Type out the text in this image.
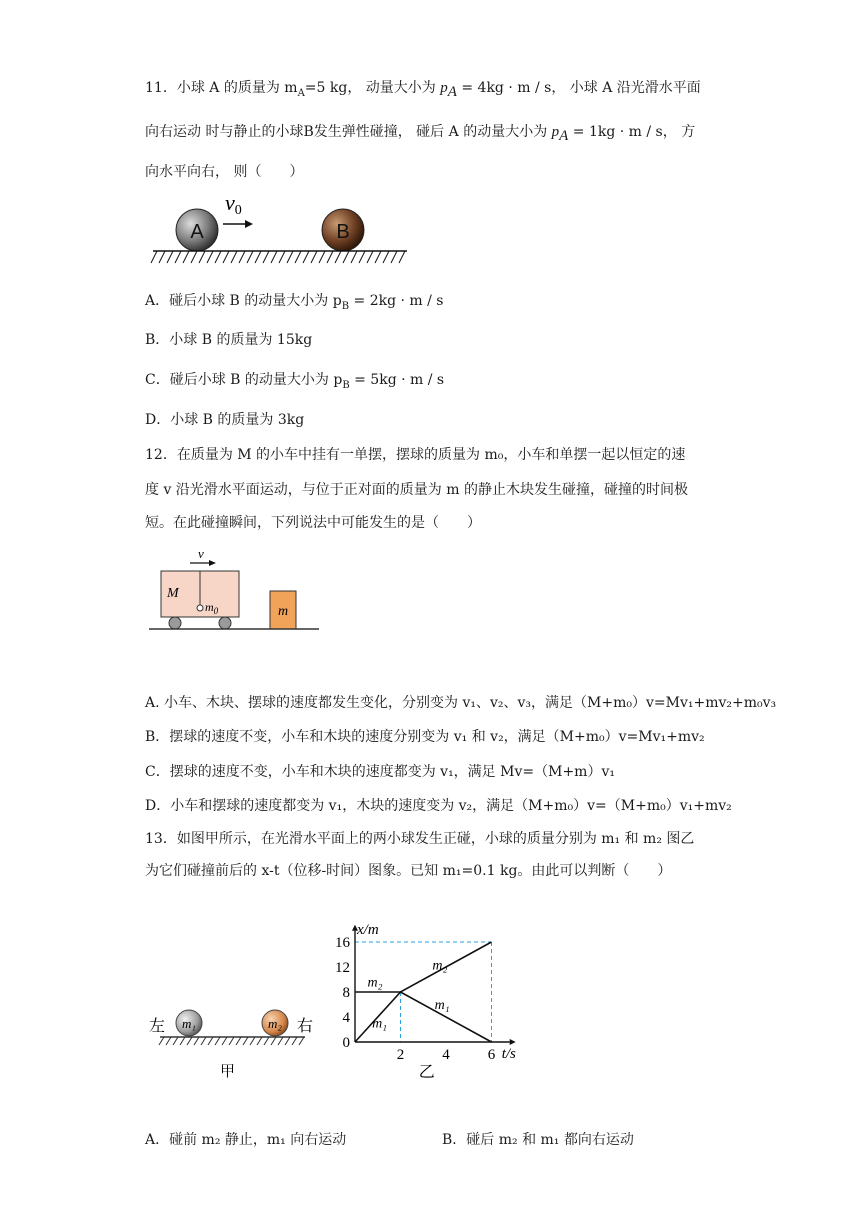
11．小球 A 的质量为 $m_A=5$ kg， 动量大小为 $p_A = 4kg \cdot m / s$， 小球 A 沿光滑水平面
向右运动 时与静止的小球B发生弹性碰撞， 碰后 A 的动量大小为 $p_A = 1kg \cdot m / s$， 方
向水平向右， 则（　　）
A	B
v0
A．碰后小球 B 的动量大小为 $p_B = 2kg \cdot m / s$
B．小球 B 的质量为 15kg
C．碰后小球 B 的动量大小为 $p_B = 5kg \cdot m / s$
D．小球 B 的质量为 3kg
12．在质量为 M 的小车中挂有一单摆，摆球的质量为 m₀，小车和单摆一起以恒定的速
度 v 沿光滑水平面运动，与位于正对面的质量为 m 的静止木块发生碰撞，碰撞的时间极
短。在此碰撞瞬间，下列说法中可能发生的是（　　）
v
M
$m_0$	m
A. 小车、木块、摆球的速度都发生变化，分别变为 v₁、v₂、v₃，满足（M+m₀）v=Mv₁+mv₂+m₀v₃
B．摆球的速度不变，小车和木块的速度分别变为 v₁ 和 v₂，满足（M+m₀）v=Mv₁+mv₂
C．摆球的速度不变，小车和木块的速度都变为 v₁，满足 Mv=（M+m）v₁
D．小车和摆球的速度都变为 v₁，木块的速度变为 v₂，满足（M+m₀）v=（M+m₀）v₁+mv₂
13．如图甲所示，在光滑水平面上的两小球发生正碰，小球的质量分别为 m₁ 和 m₂ 图乙
为它们碰撞前后的 x-t（位移-时间）图象。已知 m₁=0.1 kg。由此可以判断（　　）
左	右
m₁	m₂
甲
x/m
t/s
0
4
8
12
16
2	4	6
m₂
m₂
m₁
m₁
乙
A．碰前 m₂ 静止，m₁ 向右运动	B．碰后 m₂ 和 m₁ 都向右运动
